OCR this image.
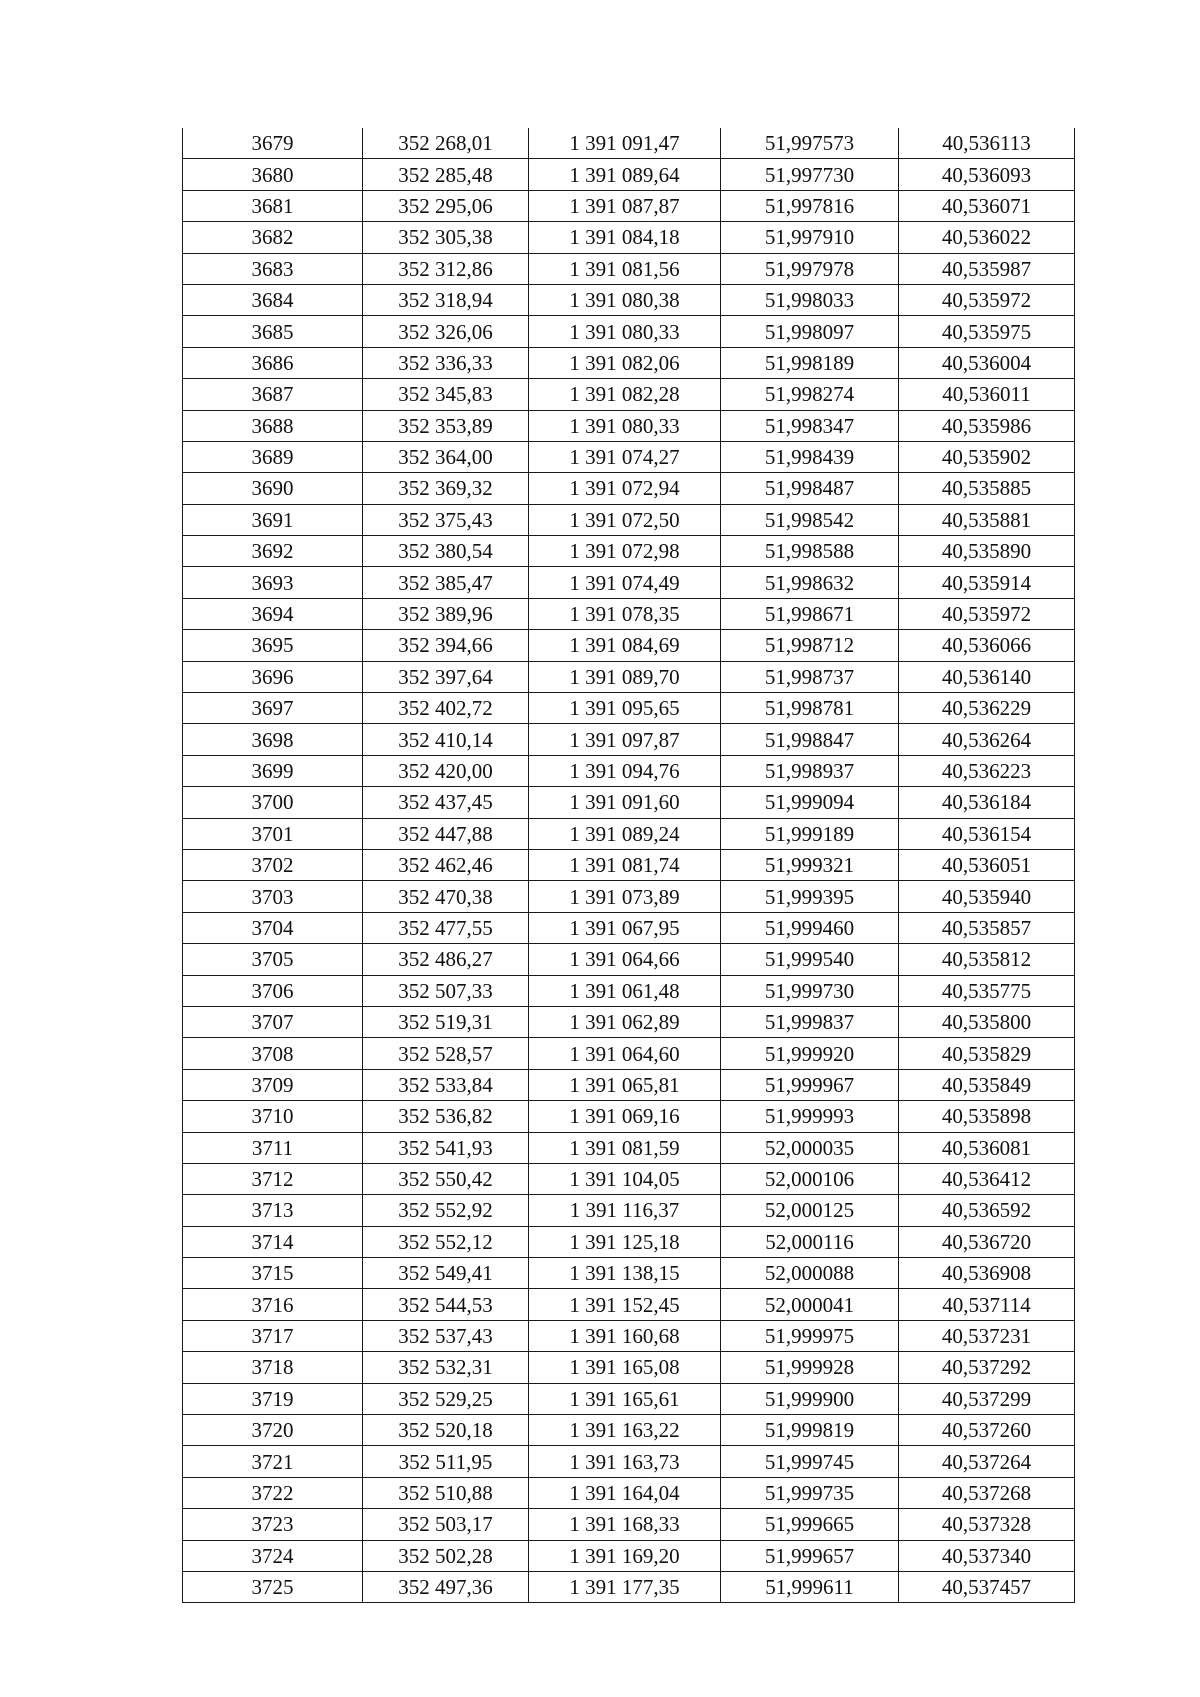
3679	352 268,01	1 391 091,47	51,997573	40,536113
3680	352 285,48	1 391 089,64	51,997730	40,536093
3681	352 295,06	1 391 087,87	51,997816	40,536071
3682	352 305,38	1 391 084,18	51,997910	40,536022
3683	352 312,86	1 391 081,56	51,997978	40,535987
3684	352 318,94	1 391 080,38	51,998033	40,535972
3685	352 326,06	1 391 080,33	51,998097	40,535975
3686	352 336,33	1 391 082,06	51,998189	40,536004
3687	352 345,83	1 391 082,28	51,998274	40,536011
3688	352 353,89	1 391 080,33	51,998347	40,535986
3689	352 364,00	1 391 074,27	51,998439	40,535902
3690	352 369,32	1 391 072,94	51,998487	40,535885
3691	352 375,43	1 391 072,50	51,998542	40,535881
3692	352 380,54	1 391 072,98	51,998588	40,535890
3693	352 385,47	1 391 074,49	51,998632	40,535914
3694	352 389,96	1 391 078,35	51,998671	40,535972
3695	352 394,66	1 391 084,69	51,998712	40,536066
3696	352 397,64	1 391 089,70	51,998737	40,536140
3697	352 402,72	1 391 095,65	51,998781	40,536229
3698	352 410,14	1 391 097,87	51,998847	40,536264
3699	352 420,00	1 391 094,76	51,998937	40,536223
3700	352 437,45	1 391 091,60	51,999094	40,536184
3701	352 447,88	1 391 089,24	51,999189	40,536154
3702	352 462,46	1 391 081,74	51,999321	40,536051
3703	352 470,38	1 391 073,89	51,999395	40,535940
3704	352 477,55	1 391 067,95	51,999460	40,535857
3705	352 486,27	1 391 064,66	51,999540	40,535812
3706	352 507,33	1 391 061,48	51,999730	40,535775
3707	352 519,31	1 391 062,89	51,999837	40,535800
3708	352 528,57	1 391 064,60	51,999920	40,535829
3709	352 533,84	1 391 065,81	51,999967	40,535849
3710	352 536,82	1 391 069,16	51,999993	40,535898
3711	352 541,93	1 391 081,59	52,000035	40,536081
3712	352 550,42	1 391 104,05	52,000106	40,536412
3713	352 552,92	1 391 116,37	52,000125	40,536592
3714	352 552,12	1 391 125,18	52,000116	40,536720
3715	352 549,41	1 391 138,15	52,000088	40,536908
3716	352 544,53	1 391 152,45	52,000041	40,537114
3717	352 537,43	1 391 160,68	51,999975	40,537231
3718	352 532,31	1 391 165,08	51,999928	40,537292
3719	352 529,25	1 391 165,61	51,999900	40,537299
3720	352 520,18	1 391 163,22	51,999819	40,537260
3721	352 511,95	1 391 163,73	51,999745	40,537264
3722	352 510,88	1 391 164,04	51,999735	40,537268
3723	352 503,17	1 391 168,33	51,999665	40,537328
3724	352 502,28	1 391 169,20	51,999657	40,537340
3725	352 497,36	1 391 177,35	51,999611	40,537457
